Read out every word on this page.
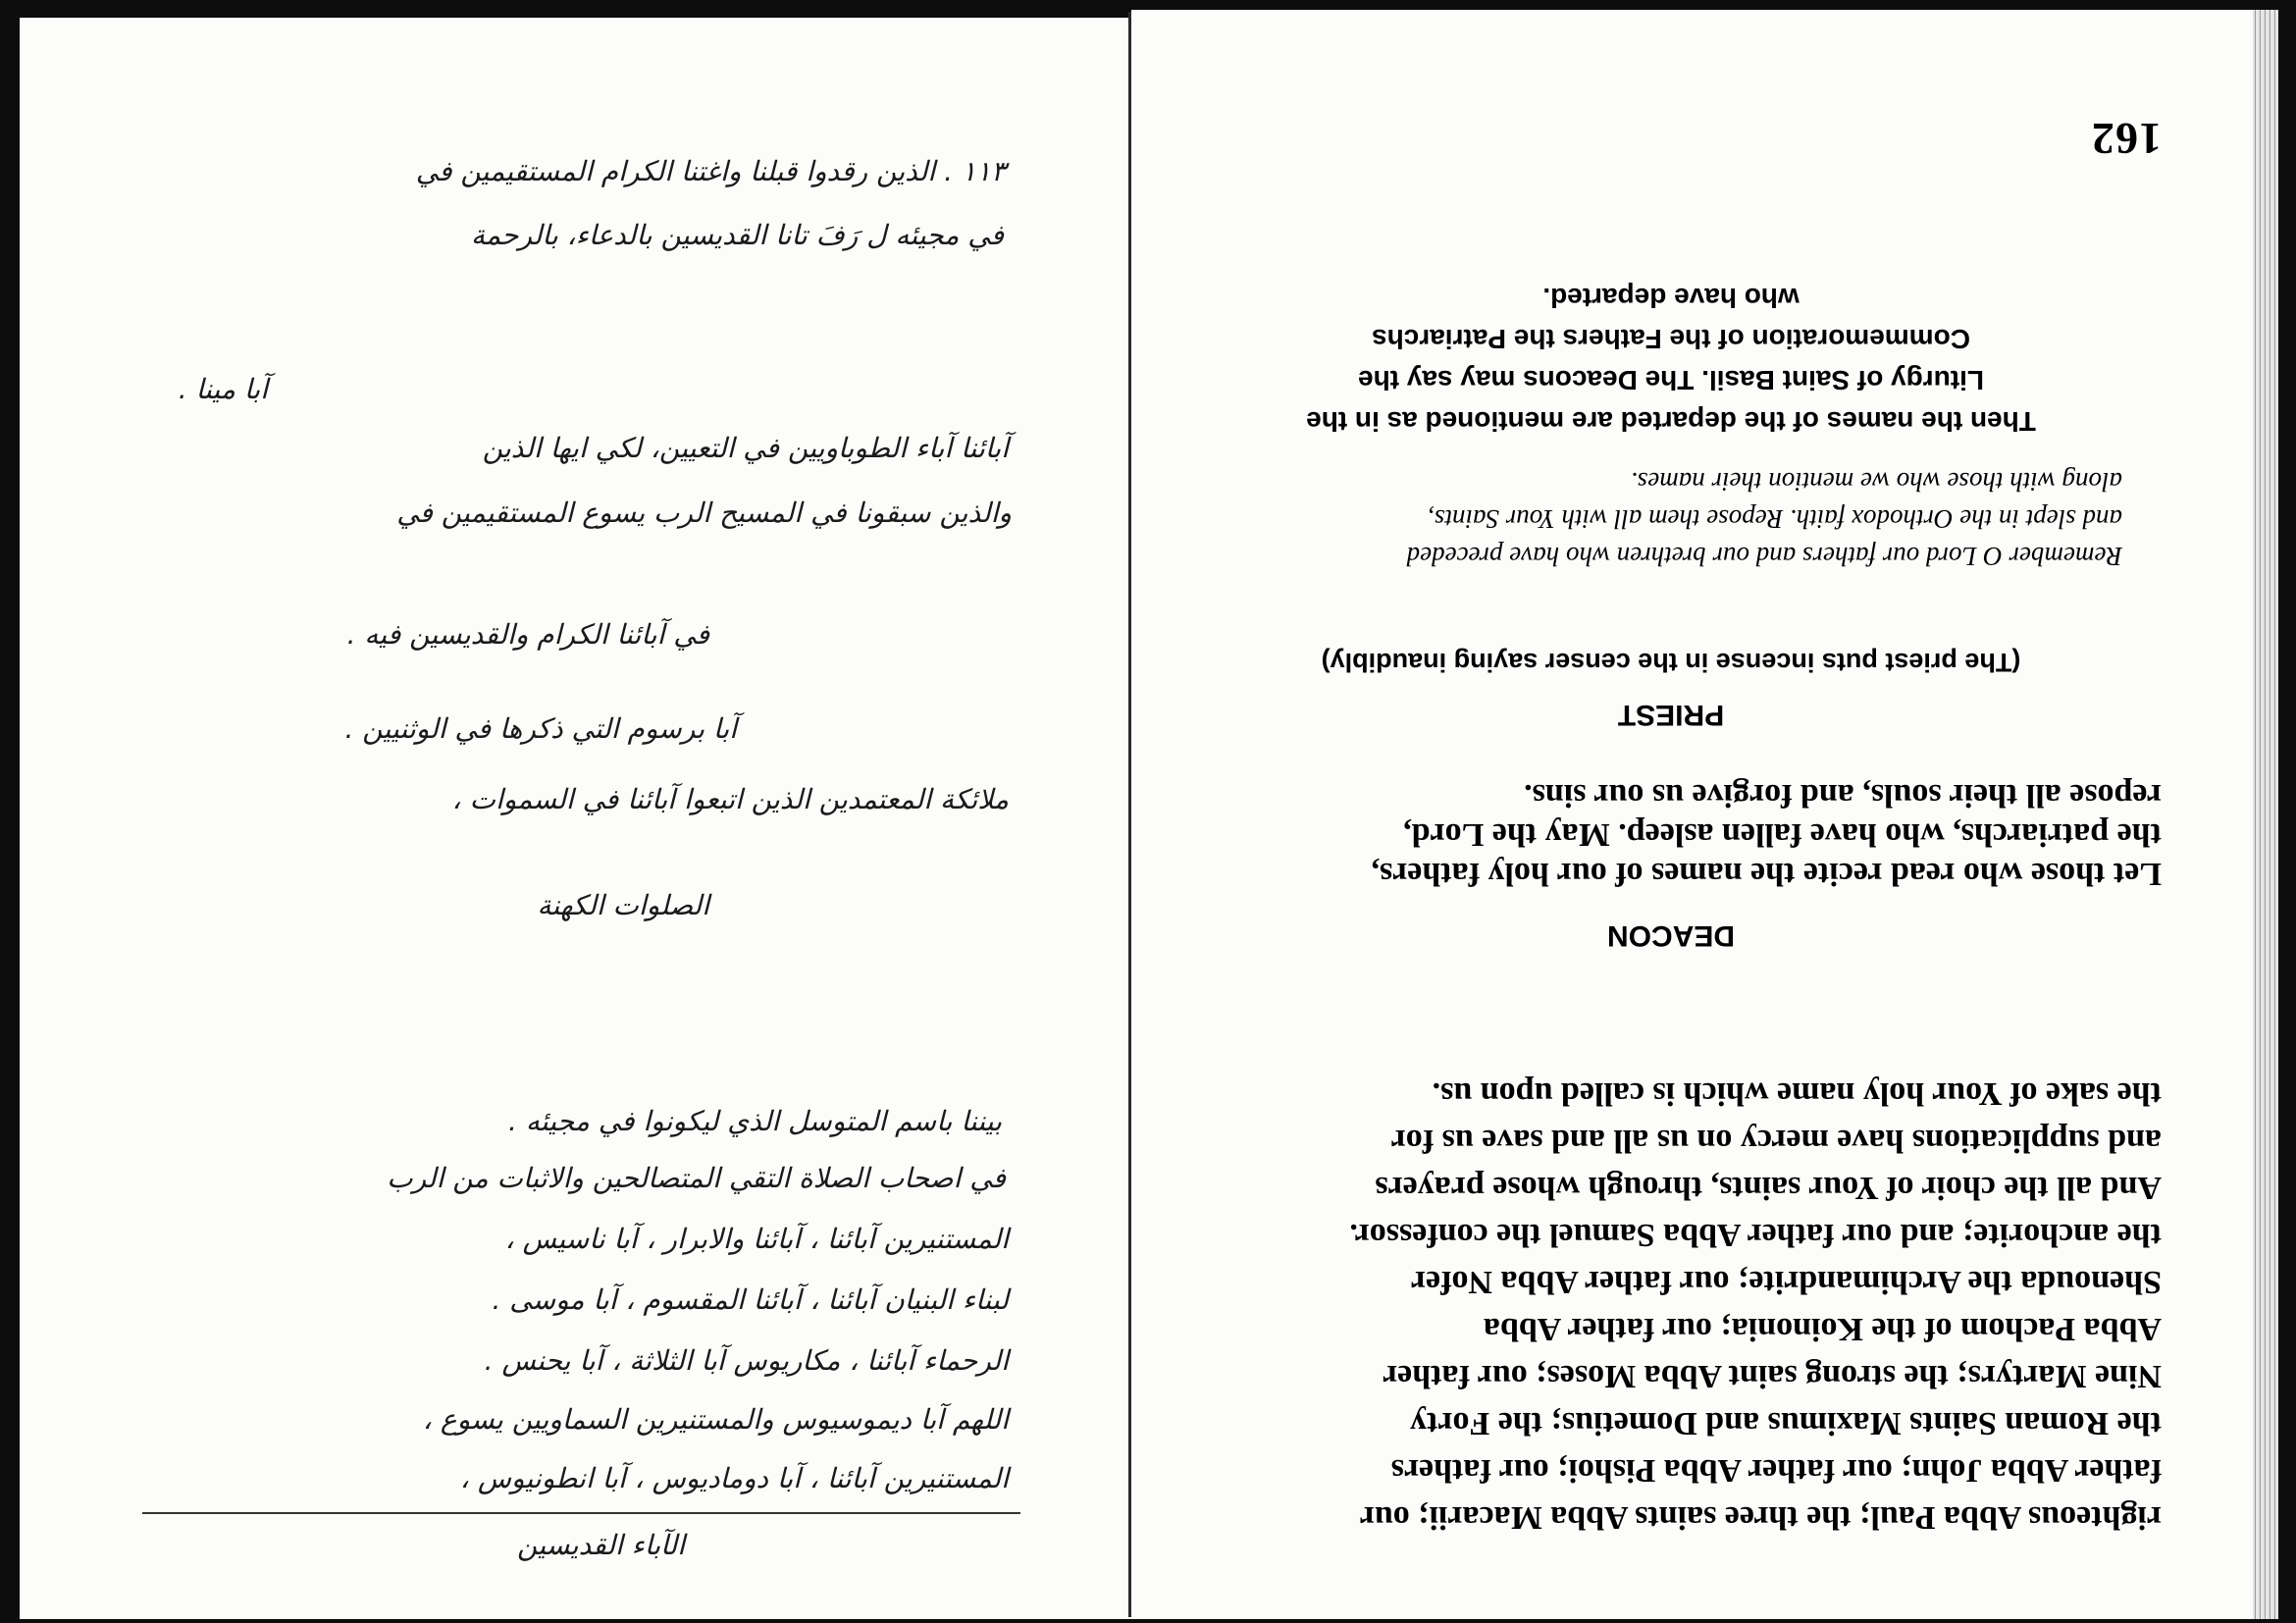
١١٣ . الذين رقدوا قبلنا واغتنا الكرام المستقيمين في
في مجيئه ل رَفَ تانا القديسين بالدعاء، بالرحمة
آبا مينا .
آبائنا آباء الطوباويين في التعيين، لكي ايها الذين
والذين سبقونا في المسيح الرب يسوع المستقيمين في
في آبائنا الكرام والقديسين فيه .
آبا برسوم التي ذكرها في الوثنيين .
ملائكة المعتمدين الذين اتبعوا آبائنا في السموات ،
الصلوات الكهنة
بيننا باسم المتوسل الذي ليكونوا في مجيئه .
في اصحاب الصلاة التقي المتصالحين والاثبات من الرب
المستنيرين آبائنا ، آبائنا والابرار ، آبا ناسيس ،
لبناء البنيان آبائنا ، آبائنا المقسوم ، آبا موسى .
الرحماء آبائنا ، مكاريوس آبا الثلاثة ، آبا يحنس .
اللهم آبا ديموسيوس والمستنيرين السماويين يسوع ،
المستنيرين آبائنا ، آبا دوماديوس ، آبا انطونيوس ،
الآباء القديسين
162
Then the names of the departed are mentioned as in the
Liturgy of Saint Basil. The Deacons may say the
Commemoration of the Fathers the Patriarchs
who have departed.
Remember O Lord our fathers and our brethren who have preceded
and slept in the Orthodox faith. Repose them all with Your Saints,
along with those who we mention their names.
(The priest puts incense in the censer saying inaudibly)
PRIEST
Let those who read recite the names of our holy fathers,
the patriarchs, who have fallen asleep. May the Lord,
repose all their souls, and forgive us our sins.
DEACON
righteous Abba Paul; the three saints Abba Macarii; our
father Abba John; our father Abba Pishoi; our fathers
the Roman Saints Maximus and Dometius; the Forty
Nine Martyrs; the strong saint Abba Moses; our father
Abba Pachom of the Koinonia; our father Abba
Shenouda the Archimandrite; our father Abba Nofer
the anchorite; and our father Abba Samuel the confessor.
And all the choir of Your saints, through whose prayers
and supplications have mercy on us all and save us for
the sake of Your holy name which is called upon us.
